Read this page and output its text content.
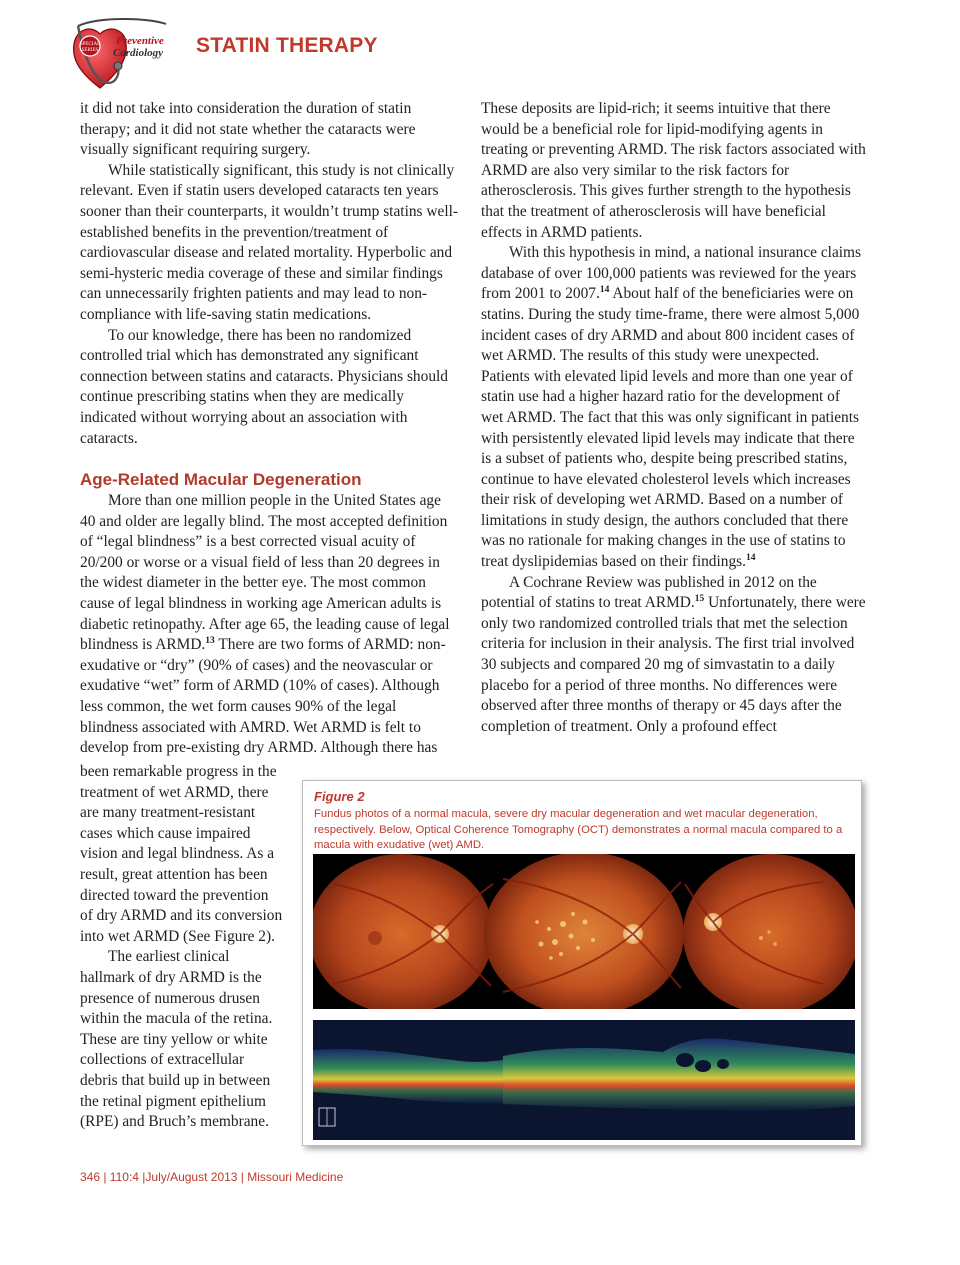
SPECIAL
SERIES
Preventive
Cardiology STATIN THERAPY

it did not take into consideration the duration of statin therapy; and it did not state whether the cataracts were visually significant requiring surgery.

While statistically significant, this study is not clinically relevant. Even if statin users developed cataracts ten years sooner than their counterparts, it wouldn’t trump statins well-established benefits in the prevention/treatment of cardiovascular disease and related mortality. Hyperbolic and semi-hysteric media coverage of these and similar findings can unnecessarily frighten patients and may lead to non-compliance with life-saving statin medications.

To our knowledge, there has been no randomized controlled trial which has demonstrated any significant connection between statins and cataracts. Physicians should continue prescribing statins when they are medically indicated without worrying about an association with cataracts.

Age-Related Macular Degeneration

More than one million people in the United States age 40 and older are legally blind. The most accepted definition of “legal blindness” is a best corrected visual acuity of 20/200 or worse or a visual field of less than 20 degrees in the widest diameter in the better eye. The most common cause of legal blindness in working age American adults is diabetic retinopathy. After age 65, the leading cause of legal blindness is ARMD.$^{13}$ There are two forms of ARMD: non-exudative or “dry” (90% of cases) and the neovascular or exudative “wet” form of ARMD (10% of cases). Although less common, the wet form causes 90% of the legal blindness associated with AMRD. Wet ARMD is felt to develop from pre-existing dry ARMD. Although there has

been remarkable progress in the treatment of wet ARMD, there are many treatment-resistant cases which cause impaired vision and legal blindness. As a result, great attention has been directed toward the prevention of dry ARMD and its conversion into wet ARMD (See Figure 2).

The earliest clinical hallmark of dry ARMD is the presence of numerous drusen within the macula of the retina. These are tiny yellow or white collections of extracellular debris that build up in between the retinal pigment epithelium (RPE) and Bruch’s membrane.

These deposits are lipid-rich; it seems intuitive that there would be a beneficial role for lipid-modifying agents in treating or preventing ARMD. The risk factors associated with ARMD are also very similar to the risk factors for atherosclerosis. This gives further strength to the hypothesis that the treatment of atherosclerosis will have beneficial effects in ARMD patients.

With this hypothesis in mind, a national insurance claims database of over 100,000 patients was reviewed for the years from 2001 to 2007.14 About half of the beneficiaries were on statins. During the study time-frame, there were almost 5,000 incident cases of dry ARMD and about 800 incident cases of wet ARMD. The results of this study were unexpected. Patients with elevated lipid levels and more than one year of statin use had a higher hazard ratio for the development of wet ARMD. The fact that this was only significant in patients with persistently elevated lipid levels may indicate that there is a subset of patients who, despite being prescribed statins, continue to have elevated cholesterol levels which increases their risk of developing wet ARMD. Based on a number of limitations in study design, the authors concluded that there was no rationale for making changes in the use of statins to treat dyslipidemias based on their findings.$^{14}$

A Cochrane Review was published in 2012 on the potential of statins to treat ARMD.$^{15}$ Unfortunately, there were only two randomized controlled trials that met the selection criteria for inclusion in their analysis. The first trial involved 30 subjects and compared 20 mg of simvastatin to a daily placebo for a period of three months. No differences were observed after three months of therapy or 45 days after the completion of treatment. Only a profound effect

Figure 2
Fundus photos of a normal macula, severe dry macular degeneration and wet macular degeneration, respectively. Below, Optical Coherence Tomography (OCT) demonstrates a normal macula compared to a macula with exudative (wet) AMD.
346 | 110:4 |July/August 2013 | Missouri Medicine
